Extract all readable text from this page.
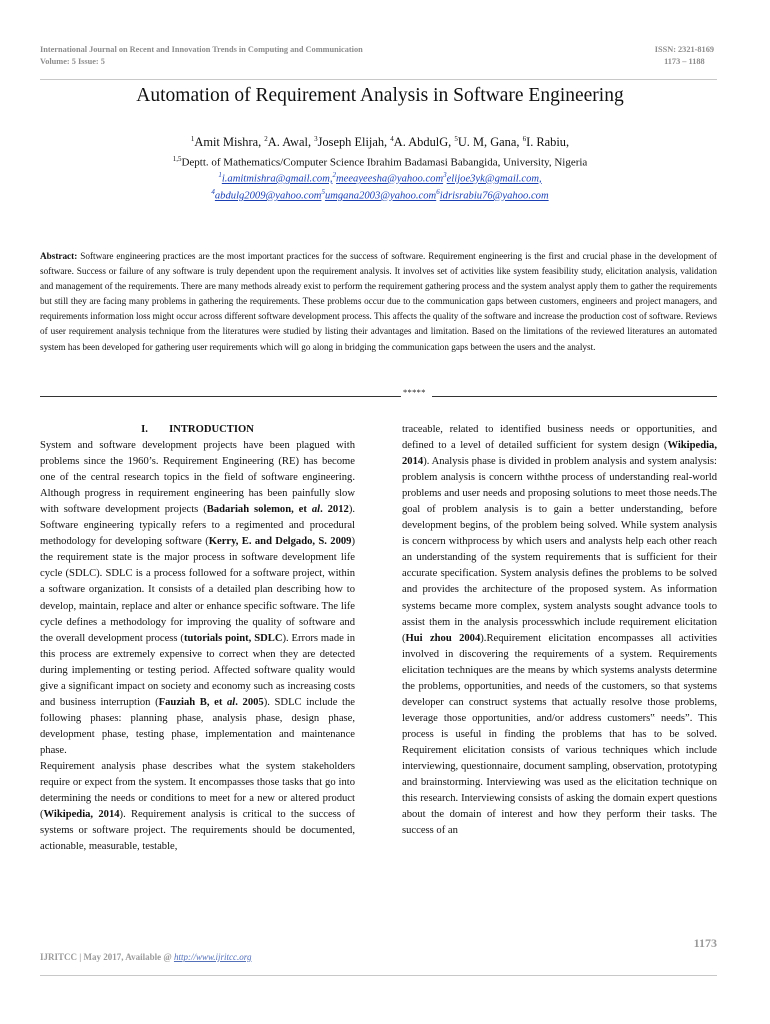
International Journal on Recent and Innovation Trends in Computing and Communication
Volume: 5 Issue: 5
ISSN: 2321-8169
1173 – 1188
Automation of Requirement Analysis in Software Engineering
$^1$Amit Mishra, $^2$A. Awal, $^3$Joseph Elijah, $^4$A. AbdulG, $^5$U. M, Gana, $^6$I. Rabiu,
$^{1,5}$Deptt. of Mathematics/Computer Science Ibrahim Badamasi Babangida, University, Nigeria
$^1$i.amitmishra@gmail.com,$^2$meeayeesha@yahoo.com$^3$elijoe3yk@gmail.com,
$^4$abdulg2009@yahoo.com$^5$umgana2003@yahoo.com$^6$idrisrabiu76@yahoo.com
Abstract: Software engineering practices are the most important practices for the success of software. Requirement engineering is the first and crucial phase in the development of software. Success or failure of any software is truly dependent upon the requirement analysis. It involves set of activities like system feasibility study, elicitation analysis, validation and management of the requirements. There are many methods already exist to perform the requirement gathering process and the system analyst apply them to gather the requirements but still they are facing many problems in gathering the requirements. These problems occur due to the communication gaps between customers, engineers and project managers, and requirements information loss might occur across different software development process. This affects the quality of the software and increase the production cost of software. Reviews of user requirement analysis technique from the literatures were studied by listing their advantages and limitation. Based on the limitations of the reviewed literatures an automated system has been developed for gathering user requirements which will go along in bridging the communication gaps between the users and the analyst.
*****

I.        INTRODUCTION

System and software development projects have been plagued with problems since the 1960’s. Requirement Engineering (RE) has become one of the central research topics in the field of software engineering. Although progress in requirement engineering has been painfully slow with software development projects (Badariah solemon, et al. 2012). Software engineering typically refers to a regimented and procedural methodology for developing software (Kerry, E. and Delgado, S. 2009) the requirement state is the major process in software development life cycle (SDLC). SDLC is a process followed for a software project, within a software organization. It consists of a detailed plan describing how to develop, maintain, replace and alter or enhance specific software. The life cycle defines a methodology for improving the quality of software and the overall development process (tutorials point, SDLC). Errors made in this process are extremely expensive to correct when they are detected during implementing or testing period. Affected software quality would give a significant impact on society and economy such as increasing costs and business interruption (Fauziah B, et al. 2005). SDLC include the following phases: planning phase, analysis phase, design phase, development phase, testing phase, implementation and maintenance phase.

Requirement analysis phase describes what the system stakeholders require or expect from the system. It encompasses those tasks that go into determining the needs or conditions to meet for a new or altered product (Wikipedia, 2014). Requirement analysis is critical to the success of systems or software project. The requirements should be documented, actionable, measurable, testable,

traceable, related to identified business needs or opportunities, and defined to a level of detailed sufficient for system design (Wikipedia, 2014). Analysis phase is divided in problem analysis and system analysis: problem analysis is concern withthe process of understanding real-world problems and user needs and proposing solutions to meet those needs.The goal of problem analysis is to gain a better understanding, before development begins, of the problem being solved. While system analysis is concern withprocess by which users and analysts help each other reach an understanding of the system requirements that is sufficient for their accurate specification. System analysis defines the problems to be solved and provides the architecture of the proposed system. As information systems became more complex, system analysts sought advance tools to assist them in the analysis processwhich include requirement elicitation (Hui zhou 2004).Requirement elicitation encompasses all activities involved in discovering the requirements of a system. Requirements elicitation techniques are the means by which systems analysts determine the problems, opportunities, and needs of the customers, so that systems developer can construct systems that actually resolve those problems, leverage those opportunities, and/or address customers‟ needs”. This process is useful in finding the problems that has to be solved. Requirement elicitation consists of various techniques which include interviewing, questionnaire, document sampling, observation, prototyping and brainstorming. Interviewing was used as the elicitation technique on this research. Interviewing consists of asking the domain expert questions about the domain of interest and how they perform their tasks. The success of an

1173
IJRITCC | May 2017, Available @ http://www.ijritcc.org
